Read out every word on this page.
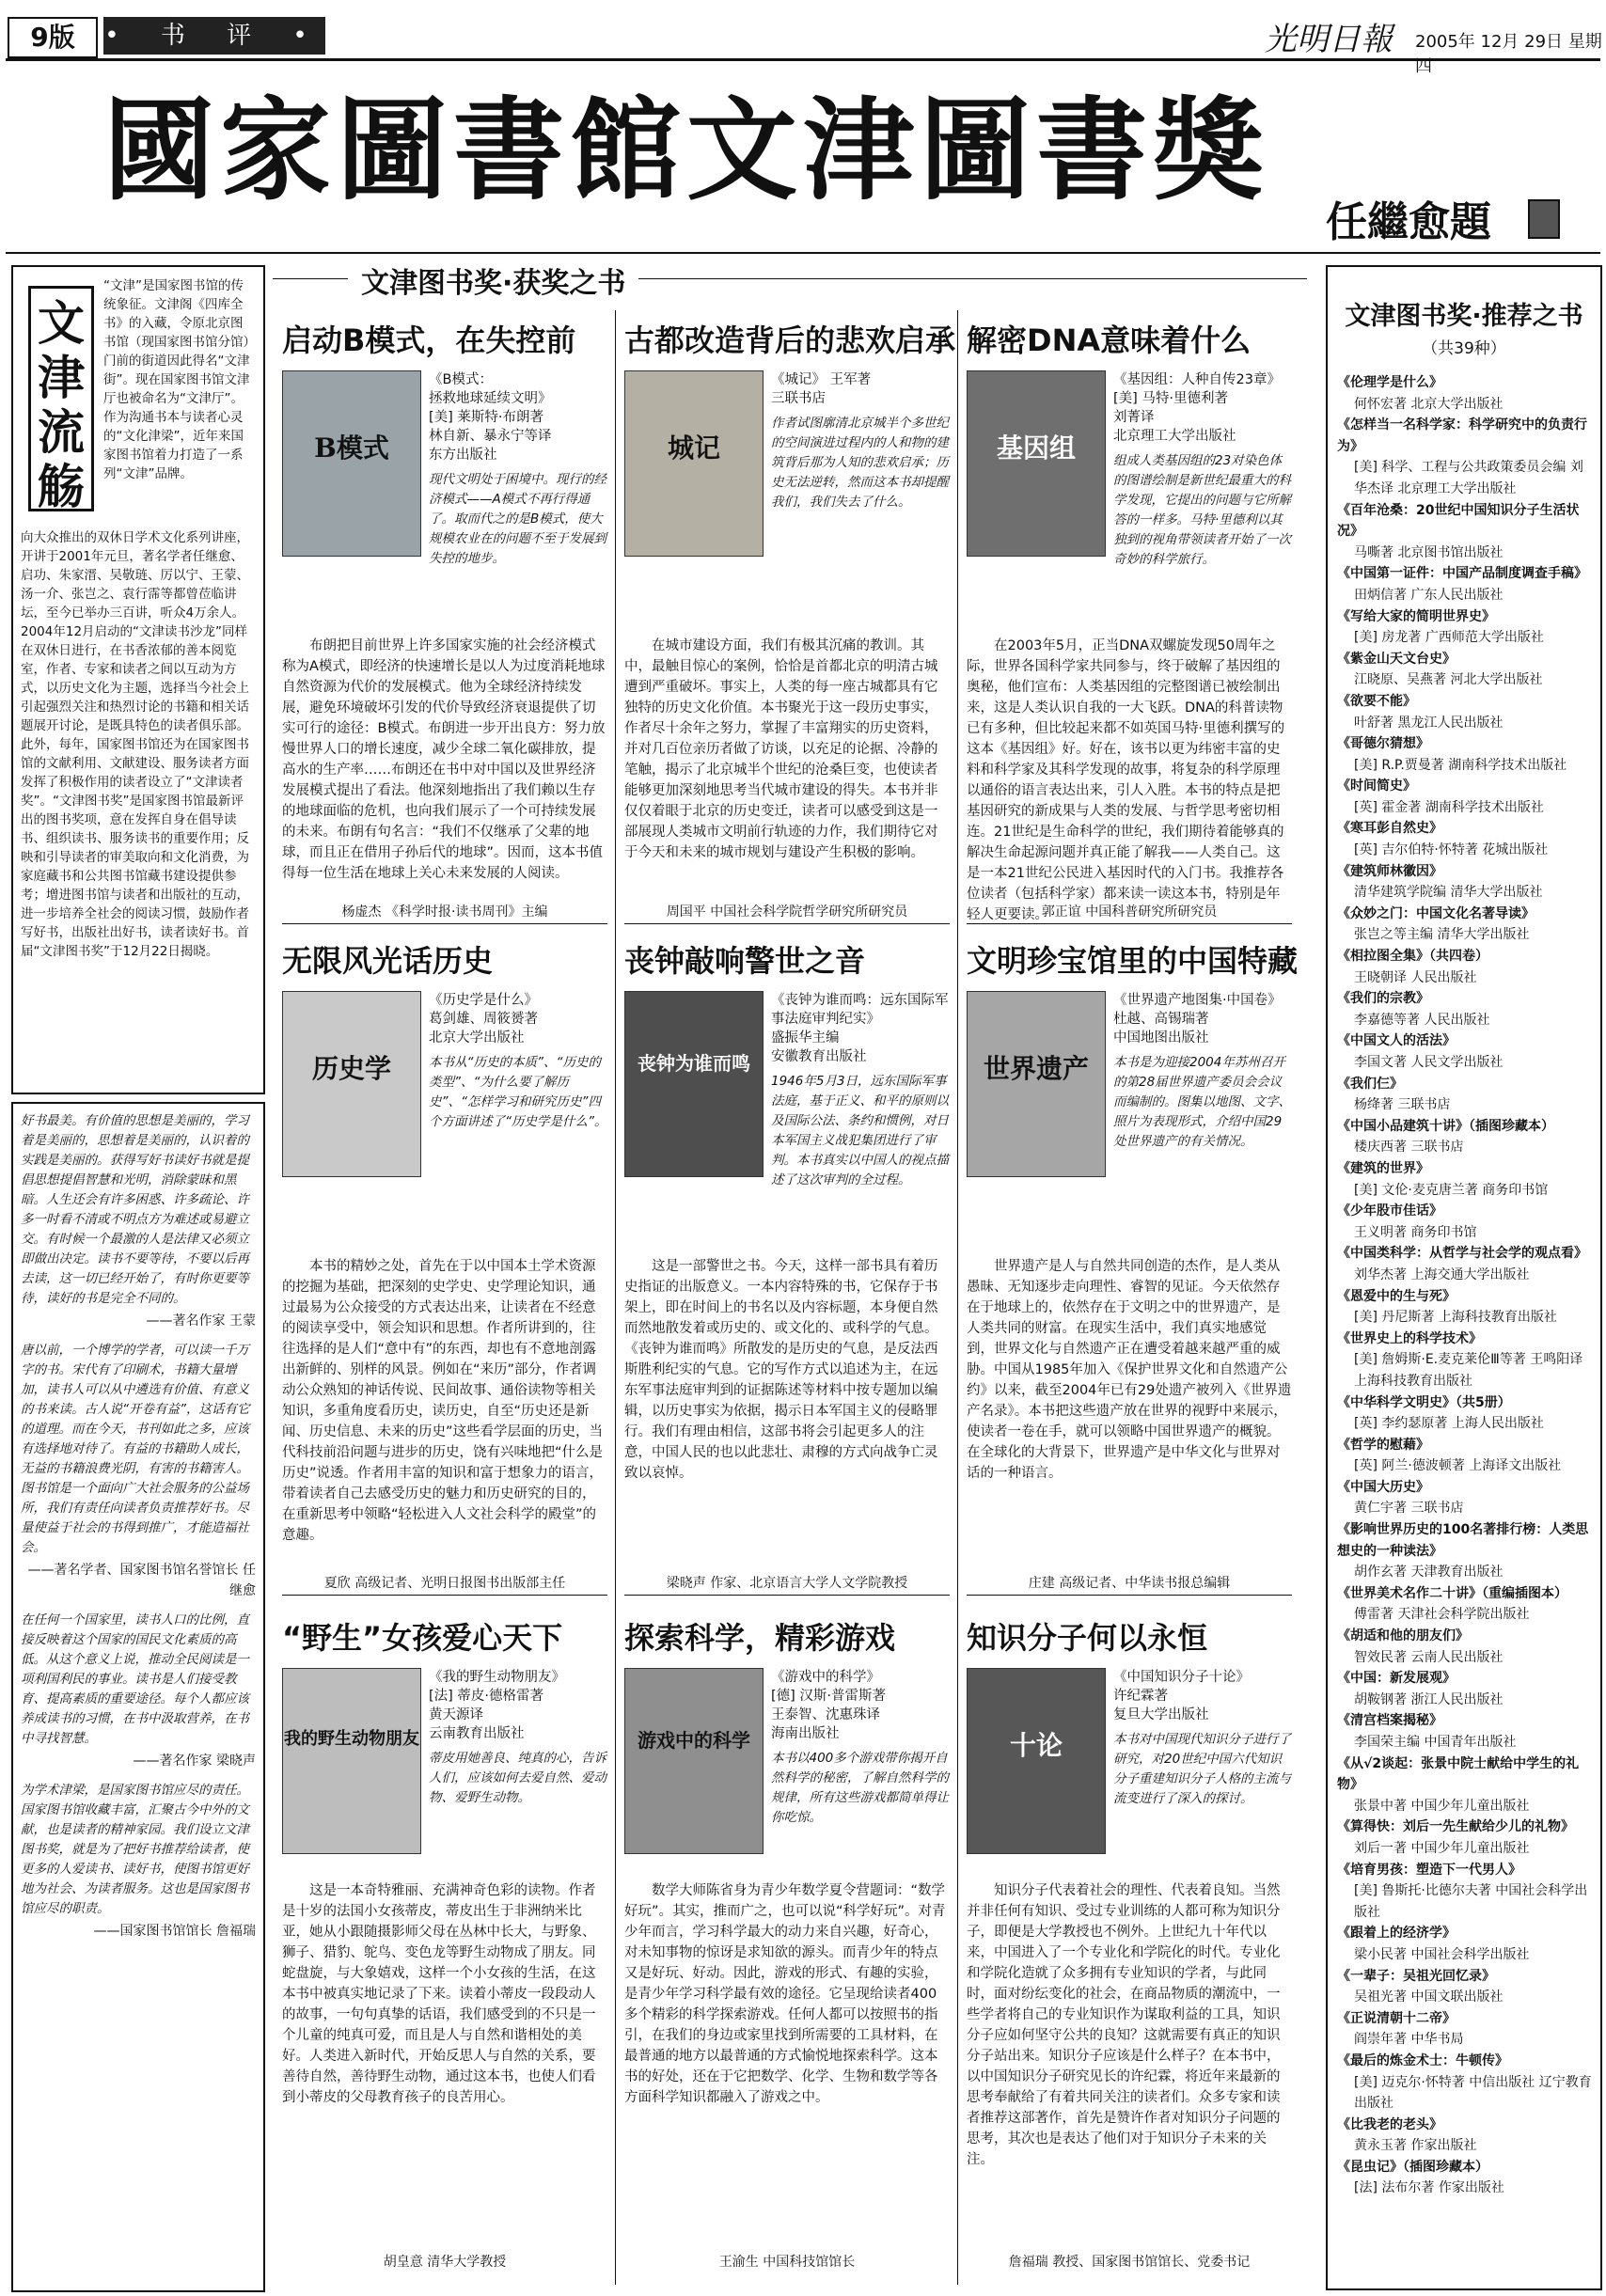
9版	• 书 评 •	光明日報 2005年 12月 29日 星期四
國家圖書館文津圖書獎
任繼愈題
文津流觞
“文津”是国家图书馆的传统象征。文津阁《四库全书》的入藏，令原北京图书馆（现国家图书馆分馆）门前的街道因此得名“文津街”。现在国家图书馆文津厅也被命名为“文津厅”。作为沟通书本与读者心灵的“文化津梁”，近年来国家图书馆着力打造了一系列“文津”品牌。
向大众推出的双休日学术文化系列讲座，开讲于2001年元旦，著名学者任继愈、启功、朱家溍、吴敬琏、厉以宁、王蒙、汤一介、张岂之、袁行霈等都曾莅临讲坛，至今已举办三百讲，听众4万余人。2004年12月启动的“文津读书沙龙”同样在双休日进行，在书香浓郁的善本阅览室，作者、专家和读者之间以互动为方式，以历史文化为主题，选择当今社会上引起强烈关注和热烈讨论的书籍和相关话题展开讨论，是既具特色的读者俱乐部。此外，每年，国家图书馆还为在国家图书馆的文献利用、文献建设、服务读者方面发挥了积极作用的读者设立了“文津读者奖”。“文津图书奖”是国家图书馆最新评出的图书奖项，意在发挥自身在倡导读书、组织读书、服务读书的重要作用；反映和引导读者的审美取向和文化消费，为家庭藏书和公共图书馆藏书建设提供参考；增进图书馆与读者和出版社的互动，进一步培养全社会的阅读习惯，鼓励作者写好书，出版社出好书，读者读好书。首届“文津图书奖”于12月22日揭晓。
好书最美。有价值的思想是美丽的，学习着是美丽的，思想着是美丽的，认识着的实践是美丽的。获得写好书读好书就是提倡思想提倡智慧和光明，消除蒙昧和黑暗。人生还会有许多困惑、许多疏论、许多一时看不清或不明点方为难述或易避立交。有时候一个最激的人是法律又必须立即做出决定。读书不要等待，不要以后再去读，这一切已经开始了，有时你更要等待，读好的书是完全不同的。
——著名作家 王蒙
唐以前，一个博学的学者，可以读一千万字的书。宋代有了印刷术，书籍大量增加，读书人可以从中遴选有价值、有意义的书来读。古人说“开卷有益”，这话有它的道理。而在今天，书刊如此之多，应该有选择地对待了。有益的书籍助人成长，无益的书籍浪费光阴，有害的书籍害人。图书馆是一个面向广大社会服务的公益场所，我们有责任向读者负责推荐好书。尽量使益于社会的书得到推广，才能造福社会。
——著名学者、国家图书馆名誉馆长 任继愈
在任何一个国家里，读书人口的比例，直接反映着这个国家的国民文化素质的高低。从这个意义上说，推动全民阅读是一项利国利民的事业。读书是人们接受教育、提高素质的重要途径。每个人都应该养成读书的习惯，在书中汲取营养，在书中寻找智慧。
——著名作家 梁晓声
为学术津梁，是国家图书馆应尽的责任。国家图书馆收藏丰富，汇聚古今中外的文献，也是读者的精神家园。我们设立文津图书奖，就是为了把好书推荐给读者，使更多的人爱读书、读好书，使图书馆更好地为社会、为读者服务。这也是国家图书馆应尽的职责。
——国家图书馆馆长 詹福瑞
文津图书奖·获奖之书
启动B模式，在失控前
B模式
《B模式：
拯救地球延续文明》
[美] 莱斯特·布朗著
林自新、暴永宁等译
东方出版社
现代文明处于困境中。现行的经济模式——A模式不再行得通了。取而代之的是B模式，使大规模农业在的问题不至于发展到失控的地步。
布朗把目前世界上许多国家实施的社会经济模式称为A模式，即经济的快速增长是以人为过度消耗地球自然资源为代价的发展模式。他为全球经济持续发展，避免环境破坏引发的代价导致经济衰退提供了切实可行的途径：B模式。布朗进一步开出良方：努力放慢世界人口的增长速度，减少全球二氧化碳排放，提高水的生产率……布朗还在书中对中国以及世界经济发展模式提出了看法。他深刻地指出了我们赖以生存的地球面临的危机，也向我们展示了一个可持续发展的未来。布朗有句名言：“我们不仅继承了父辈的地球，而且正在借用子孙后代的地球”。因而，这本书值得每一位生活在地球上关心未来发展的人阅读。
杨虚杰 《科学时报·读书周刊》主编
古都改造背后的悲欢启承
城记
《城记》 王军著
三联书店
作者试图廓清北京城半个多世纪的空间演进过程内的人和物的建筑背后那为人知的悲欢启承；历史无法逆转，然而这本书却提醒我们，我们失去了什么。
在城市建设方面，我们有极其沉痛的教训。其中，最触目惊心的案例，恰恰是首都北京的明清古城遭到严重破坏。事实上，人类的每一座古城都具有它独特的历史文化价值。本书聚光于这一段历史事实，作者尽十余年之努力，掌握了丰富翔实的历史资料，并对几百位亲历者做了访谈，以充足的论据、冷静的笔触，揭示了北京城半个世纪的沧桑巨变，也使读者能够更加深刻地思考当代城市建设的得失。本书并非仅仅着眼于北京的历史变迁，读者可以感受到这是一部展现人类城市文明前行轨迹的力作，我们期待它对于今天和未来的城市规划与建设产生积极的影响。
周国平 中国社会科学院哲学研究所研究员
解密DNA意味着什么
基因组
《基因组：人种自传23章》
[美] 马特·里德利著
刘菁译
北京理工大学出版社
组成人类基因组的23对染色体的图谱绘制是新世纪最重大的科学发现，它提出的问题与它所解答的一样多。马特·里德利以其独到的视角带领读者开始了一次奇妙的科学旅行。
在2003年5月，正当DNA双螺旋发现50周年之际，世界各国科学家共同参与，终于破解了基因组的奥秘，他们宣布：人类基因组的完整图谱已被绘制出来，这是人类认识自我的一大飞跃。DNA的科普读物已有多种，但比较起来都不如英国马特·里德利撰写的这本《基因组》好。好在，该书以更为纬密丰富的史料和科学家及其科学发现的故事，将复杂的科学原理以通俗的语言表达出来，引人入胜。本书的特点是把基因研究的新成果与人类的发展、与哲学思考密切相连。21世纪是生命科学的世纪，我们期待着能够真的解决生命起源问题并真正能了解我——人类自己。这是一本21世纪公民进入基因时代的入门书。我推荐各位读者（包括科学家）都来读一读这本书，特别是年轻人更要读。
郭正谊 中国科普研究所研究员
无限风光话历史
历史学
《历史学是什么》
葛剑雄、周筱赟著
北京大学出版社
本书从“历史的本质”、“历史的类型”、“为什么要了解历史”、“怎样学习和研究历史”四个方面讲述了“历史学是什么”。
本书的精妙之处，首先在于以中国本土学术资源的挖掘为基础，把深刻的史学史、史学理论知识，通过最易为公众接受的方式表达出来，让读者在不经意的阅读享受中，领会知识和思想。作者所讲到的，往往选择的是人们“意中有”的东西，却也有不意地剖露出新鲜的、别样的风景。例如在“来历”部分，作者调动公众熟知的神话传说、民间故事、通俗读物等相关知识，多重角度看历史，读历史，自至“历史还是新闻、历史信息、未来的历史”这些看学层面的历史，当代科技前沿问题与进步的历史，饶有兴味地把“什么是历史”说透。作者用丰富的知识和富于想象力的语言，带着读者自己去感受历史的魅力和历史研究的目的，在重新思考中领略“轻松进入人文社会科学的殿堂”的意趣。
夏欣 高级记者、光明日报图书出版部主任
丧钟敲响警世之音
丧钟为谁而鸣
《丧钟为谁而鸣：远东国际军事法庭审判纪实》
盛振华主编
安徽教育出版社
1946年5月3日，远东国际军事法庭，基于正义、和平的原则以及国际公法、条约和惯例，对日本军国主义战犯集团进行了审判。本书真实以中国人的视点描述了这次审判的全过程。
这是一部警世之书。今天，这样一部书具有着历史指证的出版意义。一本内容特殊的书，它保存于书架上，即在时间上的书名以及内容标题，本身便自然而然地散发着或历史的、或文化的、或科学的气息。《丧钟为谁而鸣》所散发的是历史的气息，是反法西斯胜利纪实的气息。它的写作方式以追述为主，在远东军事法庭审判到的证据陈述等材料中按专题加以编辑，以历史事实为依据，揭示日本军国主义的侵略罪行。我们有理由相信，这部书将会引起更多人的注意，中国人民的也以此悲壮、肃穆的方式向战争亡灵致以哀悼。
梁晓声 作家、北京语言大学人文学院教授
文明珍宝馆里的中国特藏
世界遗产
《世界遗产地图集·中国卷》
杜越、高锡瑞著
中国地图出版社
本书是为迎接2004年苏州召开的第28届世界遗产委员会会议而编制的。图集以地图、文字、照片为表现形式，介绍中国29处世界遗产的有关情况。
世界遗产是人与自然共同创造的杰作，是人类从愚昧、无知逐步走向理性、睿智的见证。今天依然存在于地球上的，依然存在于文明之中的世界遗产，是人类共同的财富。在现实生活中，我们真实地感觉到，世界文化与自然遗产正在遭受着越来越严重的威胁。中国从1985年加入《保护世界文化和自然遗产公约》以来，截至2004年已有29处遗产被列入《世界遗产名录》。本书把这些遗产放在世界的视野中来展示，使读者一卷在手，就可以领略中国世界遗产的概貌。在全球化的大背景下，世界遗产是中华文化与世界对话的一种语言。
庄建 高级记者、中华读书报总编辑
“野生”女孩爱心天下
我的野生动物朋友
《我的野生动物朋友》
[法] 蒂皮·德格雷著
黄天源译
云南教育出版社
蒂皮用她善良、纯真的心，告诉人们，应该如何去爱自然、爱动物、爱野生动物。
这是一本奇特雅丽、充满神奇色彩的读物。作者是十岁的法国小女孩蒂皮，蒂皮出生于非洲纳米比亚，她从小跟随摄影师父母在丛林中长大，与野象、狮子、猎豹、鸵鸟、变色龙等野生动物成了朋友。同蛇盘旋，与大象嬉戏，这样一个小女孩的生活，在这本书中被真实地记录了下来。读着小蒂皮一段段动人的故事，一句句真挚的话语，我们感受到的不只是一个儿童的纯真可爱，而且是人与自然和谐相处的美好。人类进入新时代，开始反思人与自然的关系，要善待自然，善待野生动物，通过这本书，也使人们看到小蒂皮的父母教育孩子的良苦用心。
胡皇意 清华大学教授
探索科学，精彩游戏
游戏中的科学
《游戏中的科学》
[德] 汉斯·普雷斯著
王泰智、沈惠珠译
海南出版社
本书以400多个游戏带你揭开自然科学的秘密，了解自然科学的规律，所有这些游戏都简单得让你吃惊。
数学大师陈省身为青少年数学夏令营题词：“数学好玩”。其实，推而广之，也可以说“科学好玩”。对青少年而言，学习科学最大的动力来自兴趣，好奇心，对未知事物的惊讶是求知欲的源头。而青少年的特点又是好玩、好动。因此，游戏的形式、有趣的实验，是青少年学习科学最有效的途径。它呈现给读者400多个精彩的科学探索游戏。任何人都可以按照书的指引，在我们的身边或家里找到所需要的工具材料，在最普通的地方以最普通的方式愉悦地探索科学。这本书的好处，还在于它把数学、化学、生物和数学等各方面科学知识都融入了游戏之中。
王渝生 中国科技馆馆长
知识分子何以永恒
十论
《中国知识分子十论》
许纪霖著
复旦大学出版社
本书对中国现代知识分子进行了研究，对20世纪中国六代知识分子重建知识分子人格的主流与流变进行了深入的探讨。
知识分子代表着社会的理性、代表着良知。当然并非任何有知识、受过专业训练的人都可称为知识分子，即便是大学教授也不例外。上世纪九十年代以来，中国进入了一个专业化和学院化的时代。专业化和学院化造就了众多拥有专业知识的学者，与此同时，面对纷纭变化的社会，在商品物质的潮流中，一些学者将自己的专业知识作为谋取利益的工具，知识分子应如何坚守公共的良知？这就需要有真正的知识分子站出来。知识分子应该是什么样子？在本书中，以中国知识分子研究见长的许纪霖，将近年来最新的思考奉献给了有着共同关注的读者们。众多专家和读者推荐这部著作，首先是赞许作者对知识分子问题的思考，其次也是表达了他们对于知识分子未来的关注。
詹福瑞 教授、国家图书馆馆长、党委书记
文津图书奖·推荐之书
（共39种）
《伦理学是什么》
何怀宏著 北京大学出版社
《怎样当一名科学家：科学研究中的负责行为》
[美] 科学、工程与公共政策委员会编 刘华杰译 北京理工大学出版社
《百年沧桑：20世纪中国知识分子生活状况》
马嘶著 北京图书馆出版社
《中国第一证件：中国产品制度调查手稿》
田炳信著 广东人民出版社
《写给大家的简明世界史》
[美] 房龙著 广西师范大学出版社
《紫金山天文台史》
江晓原、吴燕著 河北大学出版社
《欲要不能》
叶舒著 黑龙江人民出版社
《哥德尔猜想》
[美] R.P.贾曼著 湖南科学技术出版社
《时间简史》
[英] 霍金著 湖南科学技术出版社
《寒耳彭自然史》
[英] 吉尔伯特·怀特著 花城出版社
《建筑师林徽因》
清华建筑学院编 清华大学出版社
《众妙之门：中国文化名著导读》
张岂之等主编 清华大学出版社
《相拉图全集》（共四卷）
王晓朝译 人民出版社
《我们的宗教》
李嘉德等著 人民出版社
《中国文人的活法》
李国文著 人民文学出版社
《我们仨》
杨绛著 三联书店
《中国小品建筑十讲》（插图珍藏本）
楼庆西著 三联书店
《建筑的世界》
[美] 文伦·麦克唐兰著 商务印书馆
《少年股市佳话》
王义明著 商务印书馆
《中国类科学：从哲学与社会学的观点看》
刘华杰著 上海交通大学出版社
《恩爱中的生与死》
[美] 丹尼斯著 上海科技教育出版社
《世界史上的科学技术》
[美] 詹姆斯·E.麦克莱伦Ⅲ等著 王鸣阳译 上海科技教育出版社
《中华科学文明史》（共5册）
[英] 李约瑟原著 上海人民出版社
《哲学的慰藉》
[英] 阿兰·德波顿著 上海译文出版社
《中国大历史》
黄仁宇著 三联书店
《影响世界历史的100名著排行榜：人类思想史的一种读法》
胡作玄著 天津教育出版社
《世界美术名作二十讲》（重编插图本）
傅雷著 天津社会科学院出版社
《胡适和他的朋友们》
智效民著 云南人民出版社
《中国：新发展观》
胡鞍钢著 浙江人民出版社
《清宫档案揭秘》
李国荣主编 中国青年出版社
《从√2谈起：张景中院士献给中学生的礼物》
张景中著 中国少年儿童出版社
《算得快：刘后一先生献给少儿的礼物》
刘后一著 中国少年儿童出版社
《培育男孩：塑造下一代男人》
[美] 鲁斯托·比德尔夫著 中国社会科学出版社
《跟着上的经济学》
梁小民著 中国社会科学出版社
《一辈子：吴祖光回忆录》
吴祖光著 中国文联出版社
《正说清朝十二帝》
阎崇年著 中华书局
《最后的炼金术士：牛顿传》
[美] 迈克尔·怀特著 中信出版社 辽宁教育出版社
《比我老的老头》
黄永玉著 作家出版社
《昆虫记》（插图珍藏本）
[法] 法布尔著 作家出版社
